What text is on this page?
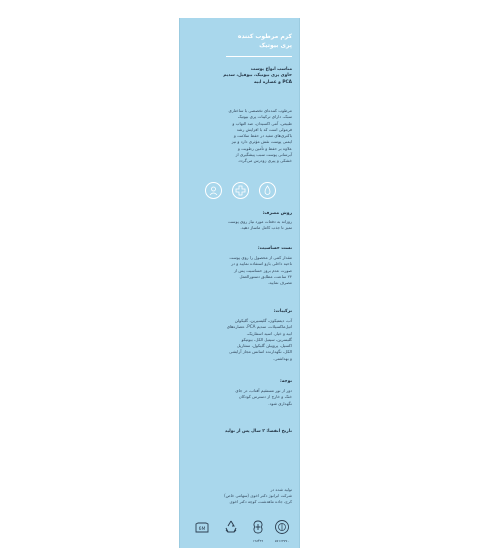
کرم مرطوب کننده
پری بیوتیک
مناسب انواع پوست
حاوی پری بیوتیک، بیوفیل، سدیم
PCA و عصاره ابیه
مرطوب کننده‌ای تخصصی با ساختاری
سبک، دارای ترکیبات پری بیوتیک
طبیعی، آنتی اکسیدان، ضد التهاب و
فرمولی است که با افزایش رشد
باکتری‌های مفید در حفظ سلامت و
ایمنی پوست نقش مؤثری دارد و نیز
علاوه بر حفظ و تأمین رطوبت و
آبرسانی پوست سبب پیشگیری از
خشکی و پیری زودرس می‌گردد.
روش مصرف:
روزانه به دفعات مورد نیاز روی پوست
تمیز تا جذب کامل ماساژ دهید.
تست حساسیت:
مقدار کمی از محصول را روی پوست
ناحیه داخلی بازو استفاده نمایید و در
صورت عدم بروز حساسیت پس از
۲۴ ساعت، مطابق دستورالعمل
مصرف نمایید.
ترکیبات:
آب، دیمتیکون، گلیسیرین، گلیکولن
اتیل‌ماکسیلات، سدیم PCA، عصاره‌های
ابیه و خیار، اسید استئاریک،
گلیسرین، سیتیل الکل، بیوتیکو
اکسیل، پروپیلن گلیکول، ستئاریل
الکل، نگهدارنده اسانس مجاز آرایشی
و بهداشتی.
توجه:
دور از نور مستقیم آفتاب، در جای
خنک و خارج از دسترس کودکان
نگهداری شود.
تاریخ انقضا: ۳ سال پس از تولید
تولید شده در
شرکت ابرانوژ دکتر اخوی (سهامی خاص)
کرج، جاده ماهدشت، کوچه دکتر اخوی
6M
۱۲۸۴۳۶	۵۷۱۶۳۷۷۰
